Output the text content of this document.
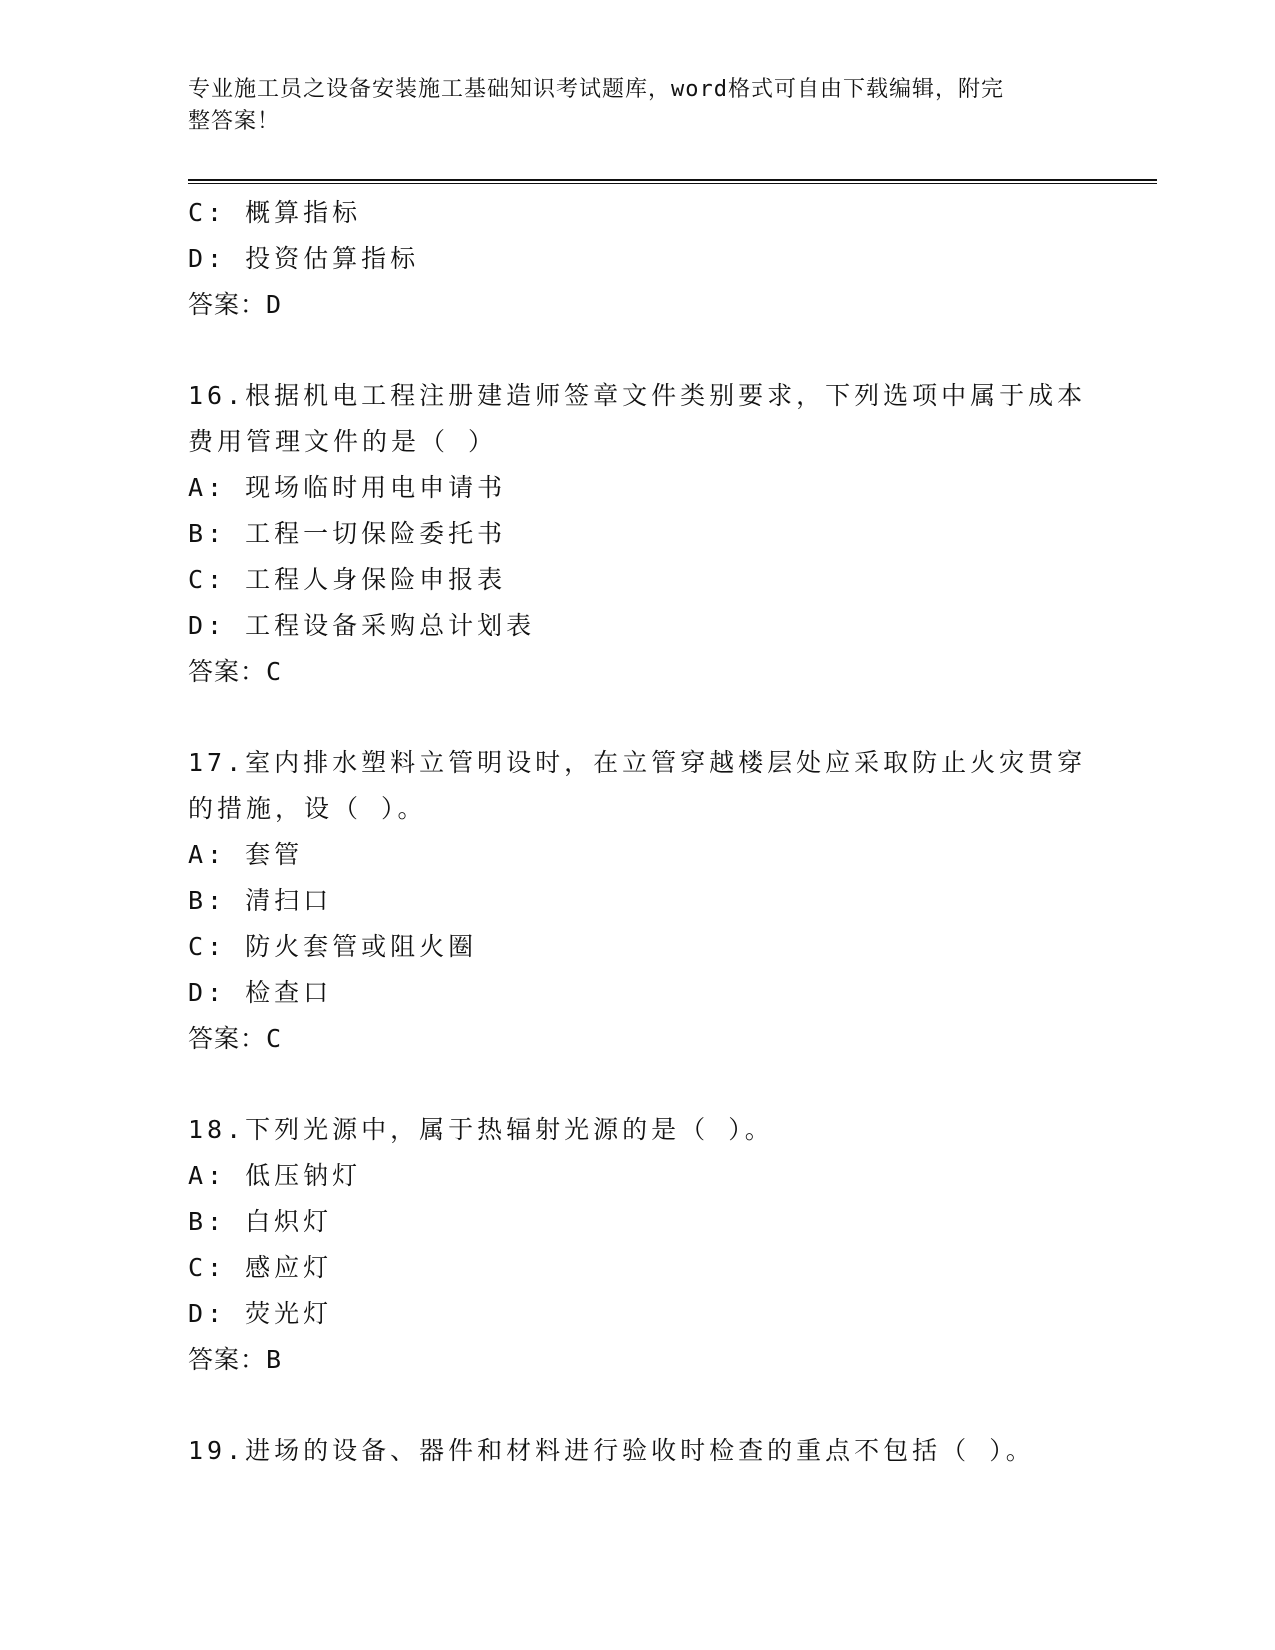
专业施工员之设备安装施工基础知识考试题库，word格式可自由下载编辑，附完
整答案！
C: 概算指标
D: 投资估算指标
答案：D
16.根据机电工程注册建造师签章文件类别要求，下列选项中属于成本
费用管理文件的是（ ）
A: 现场临时用电申请书
B: 工程一切保险委托书
C: 工程人身保险申报表
D: 工程设备采购总计划表
答案：C
17.室内排水塑料立管明设时，在立管穿越楼层处应采取防止火灾贯穿
的措施，设（ ）。
A: 套管
B: 清扫口
C: 防火套管或阻火圈
D: 检查口
答案：C
18.下列光源中，属于热辐射光源的是（ ）。
A: 低压钠灯
B: 白炽灯
C: 感应灯
D: 荧光灯
答案：B
19.进场的设备、器件和材料进行验收时检查的重点不包括（ ）。
